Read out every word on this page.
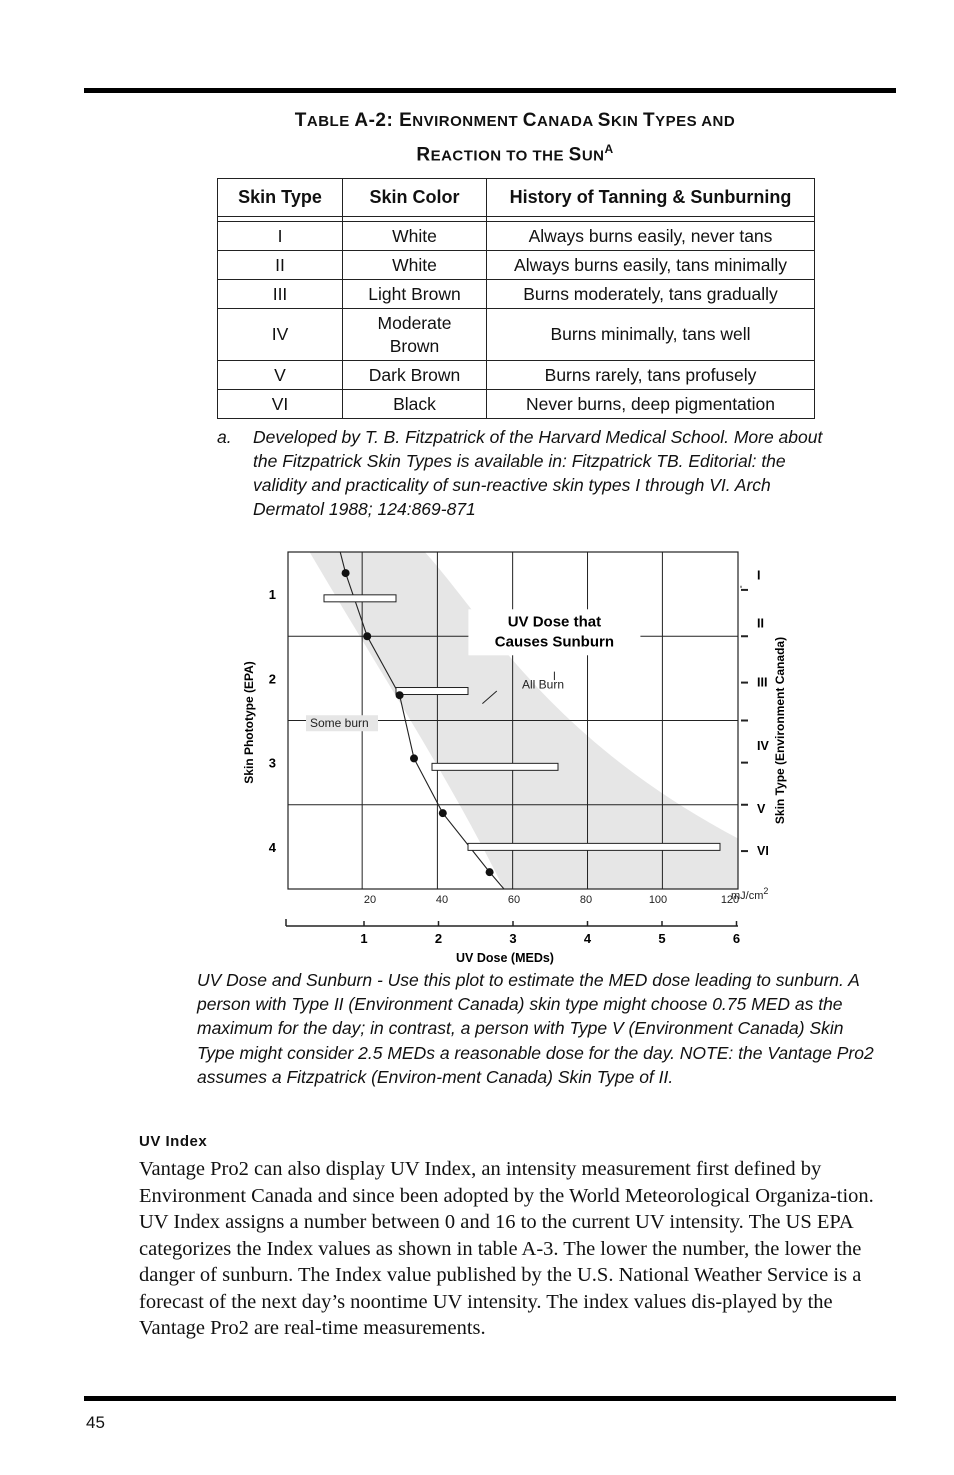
TABLE A-2: ENVIRONMENT CANADA SKIN TYPES AND
REACTION TO THE $SUN^A$
Skin Type	Skin Color	History of Tanning & Sunburning

I	White	Always burns easily, never tans
II	White	Always burns easily, tans minimally
III	Light Brown	Burns moderately, tans gradually
IV	Moderate Brown	Burns minimally, tans well
V	Dark Brown	Burns rarely, tans profusely
VI	Black	Never burns, deep pigmentation
a. Developed by T. B. Fitzpatrick of the Harvard Medical School. More about the Fitzpatrick Skin Types is available in: Fitzpatrick TB. Editorial: the validity and practicality of sun-reactive skin types I through VI. Arch Dermatol 1988; 124:869-871
UV Dose that
Causes Sunburn
All Burn
Some burn
1
2
3
4
Skin Phototype (EPA)
I
II
III
IV
V
VI
Skin Type (Environment Canada)
20	40	60	80	100	120
$mJ/cm^2$
1	2	3	4	5	6
UV Dose (MEDs)
UV Dose and Sunburn - Use this plot to estimate the MED dose leading to sunburn. A person with Type II (Environment Canada) skin type might choose 0.75 MED as the maximum for the day; in contrast, a person with Type V (Environment Canada) Skin Type might consider 2.5 MEDs a reasonable dose for the day. NOTE: the Vantage Pro2 assumes a Fitzpatrick (Environ-ment Canada) Skin Type of II.
UV Index
Vantage Pro2 can also display UV Index, an intensity measurement first defined by Environment Canada and since been adopted by the World Meteorological Organiza-tion. UV Index assigns a number between 0 and 16 to the current UV intensity. The US EPA categorizes the Index values as shown in table A-3. The lower the number, the lower the danger of sunburn. The Index value published by the U.S. National Weather Service is a forecast of the next day’s noontime UV intensity. The index values dis-played by the Vantage Pro2 are real-time measurements.
45
